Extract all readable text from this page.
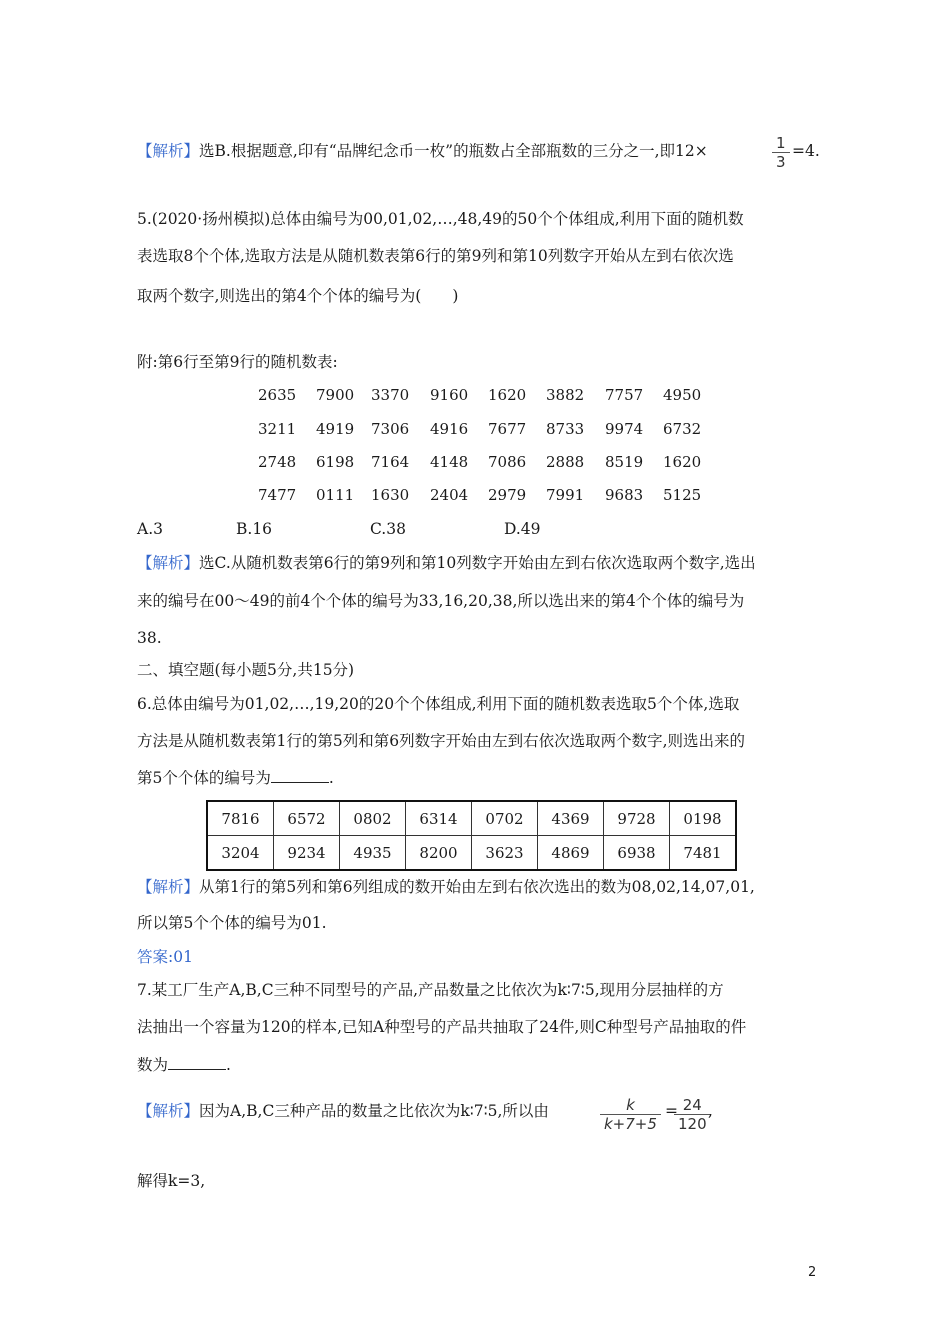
【解析】选B.根据题意,印有“品牌纪念币一枚”的瓶数占全部瓶数的三分之一,即12×	$\frac{1}{3} =4$.
5.(2020·扬州模拟)总体由编号为00,01,02,…,48,49的50个个体组成,利用下面的随机数
表选取8个个体,选取方法是从随机数表第6行的第9列和第10列数字开始从左到右依次选
取两个数字,则选出的第4个个体的编号为(　　)
附:第6行至第9行的随机数表:
2635	7900	3370	9160	1620	3882	7757	4950
3211	4919	7306	4916	7677	8733	9974	6732
2748	6198	7164	4148	7086	2888	8519	1620
7477	0111	1630	2404	2979	7991	9683	5125
A.3	B.16	C.38	D.49
【解析】选C.从随机数表第6行的第9列和第10列数字开始由左到右依次选取两个数字,选出
来的编号在00～49的前4个个体的编号为33,16,20,38,所以选出来的第4个个体的编号为
38.
二、填空题(每小题5分,共15分)
6.总体由编号为01,02,…,19,20的20个个体组成,利用下面的随机数表选取5个个体,选取
方法是从随机数表第1行的第5列和第6列数字开始由左到右依次选取两个数字,则选出来的
第5个个体的编号为	.
7816	6572	0802	6314	0702	4369	9728	0198
3204	9234	4935	8200	3623	4869	6938	7481
【解析】从第1行的第5列和第6列组成的数开始由左到右依次选出的数为08,02,14,07,01,
所以第5个个体的编号为01.
答案:01
7.某工厂生产A,B,C三种不同型号的产品,产品数量之比依次为k∶7∶5,现用分层抽样的方
法抽出一个容量为120的样本,已知A种型号的产品共抽取了24件,则C种型号产品抽取的件
数为	.
【解析】因为A,B,C三种产品的数量之比依次为k∶7∶5,所以由	$\frac{k}{k+7+5}$ =
$\frac{24}{120}$
,
解得k=3,
2
